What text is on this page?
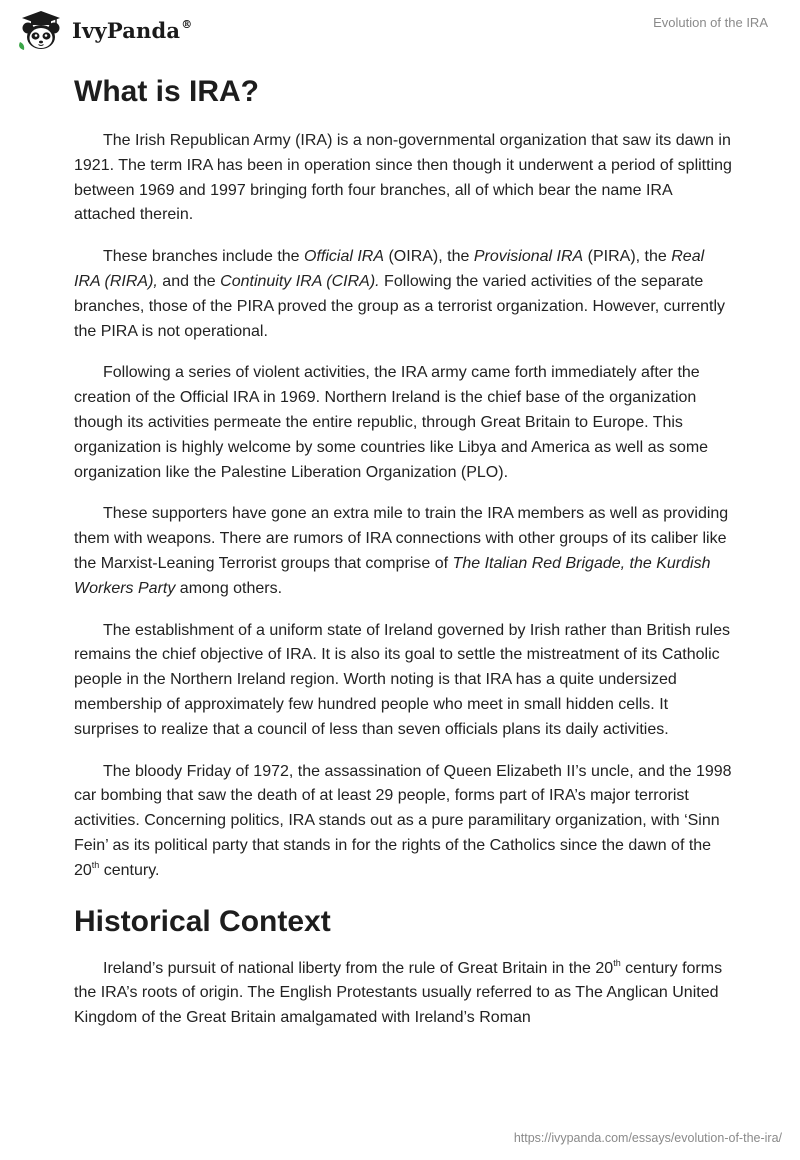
IvyPanda®	Evolution of the IRA
What is IRA?

The Irish Republican Army (IRA) is a non-governmental organization that saw its dawn in 1921. The term IRA has been in operation since then though it underwent a period of splitting between 1969 and 1997 bringing forth four branches, all of which bear the name IRA attached therein.

These branches include the Official IRA (OIRA), the Provisional IRA (PIRA), the Real IRA (RIRA), and the Continuity IRA (CIRA). Following the varied activities of the separate branches, those of the PIRA proved the group as a terrorist organization. However, currently the PIRA is not operational.

Following a series of violent activities, the IRA army came forth immediately after the creation of the Official IRA in 1969. Northern Ireland is the chief base of the organization though its activities permeate the entire republic, through Great Britain to Europe. This organization is highly welcome by some countries like Libya and America as well as some organization like the Palestine Liberation Organization (PLO).

These supporters have gone an extra mile to train the IRA members as well as providing them with weapons. There are rumors of IRA connections with other groups of its caliber like the Marxist-Leaning Terrorist groups that comprise of The Italian Red Brigade, the Kurdish Workers Party among others.

The establishment of a uniform state of Ireland governed by Irish rather than British rules remains the chief objective of IRA. It is also its goal to settle the mistreatment of its Catholic people in the Northern Ireland region. Worth noting is that IRA has a quite undersized membership of approximately few hundred people who meet in small hidden cells. It surprises to realize that a council of less than seven officials plans its daily activities.

The bloody Friday of 1972, the assassination of Queen Elizabeth II’s uncle, and the 1998 car bombing that saw the death of at least 29 people, forms part of IRA’s major terrorist activities. Concerning politics, IRA stands out as a pure paramilitary organization, with ‘Sinn Fein’ as its political party that stands in for the rights of the Catholics since the dawn of the 20th century.

Historical Context

Ireland’s pursuit of national liberty from the rule of Great Britain in the 20th century forms the IRA’s roots of origin. The English Protestants usually referred to as The Anglican United Kingdom of the Great Britain amalgamated with Ireland’s Roman

https://ivypanda.com/essays/evolution-of-the-ira/
